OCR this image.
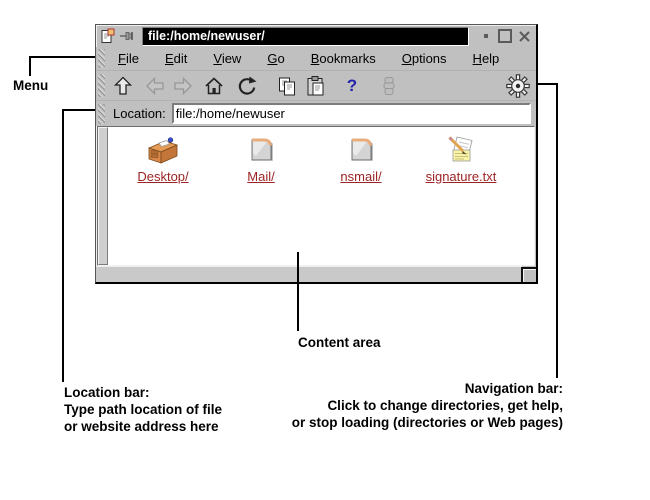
file:/home/newuser/
File Edit View Go Bookmarks Options Help
?
Location:
file:/home/newuser
Desktop/	Mail/	nsmail/	signature.txt
Menu
Location bar:
Type path location of file
or website address here
Content area
Navigation bar:
Click to change directories, get help,
or stop loading (directories or Web pages)
